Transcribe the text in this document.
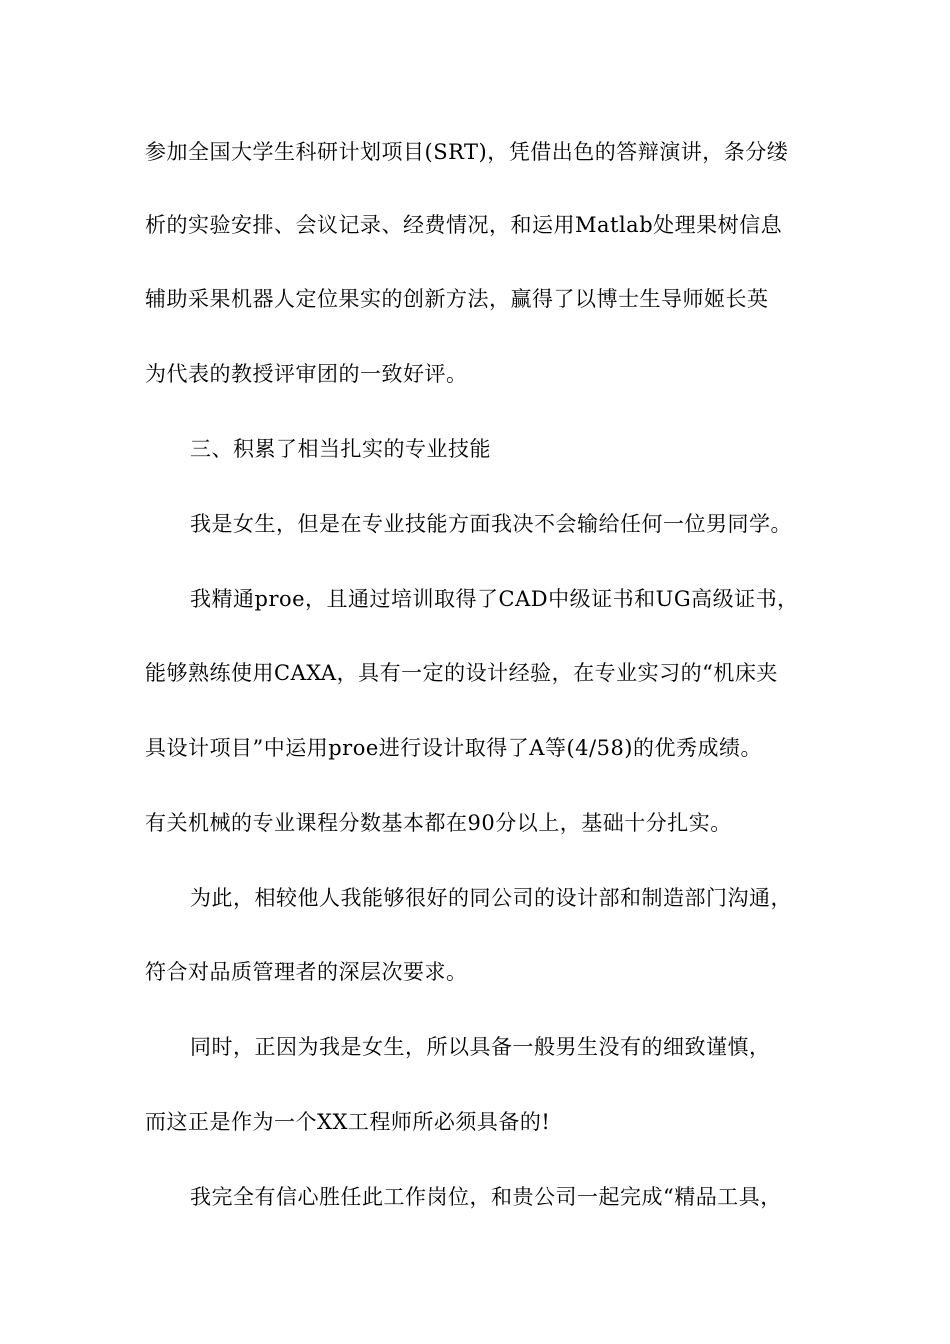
参加全国大学生科研计划项目(SRT)，凭借出色的答辩演讲，条分缕
析的实验安排、会议记录、经费情况，和运用Matlab处理果树信息
辅助采果机器人定位果实的创新方法，赢得了以博士生导师姬长英
为代表的教授评审团的一致好评。
三、积累了相当扎实的专业技能
我是女生，但是在专业技能方面我决不会输给任何一位男同学。
我精通proe，且通过培训取得了CAD中级证书和UG高级证书，
能够熟练使用CAXA，具有一定的设计经验，在专业实习的“机床夹
具设计项目”中运用proe进行设计取得了A等(4/58)的优秀成绩。
有关机械的专业课程分数基本都在90分以上，基础十分扎实。
为此，相较他人我能够很好的同公司的设计部和制造部门沟通，
符合对品质管理者的深层次要求。
同时，正因为我是女生，所以具备一般男生没有的细致谨慎，
而这正是作为一个XX工程师所必须具备的!
我完全有信心胜任此工作岗位，和贵公司一起完成“精品工具，
